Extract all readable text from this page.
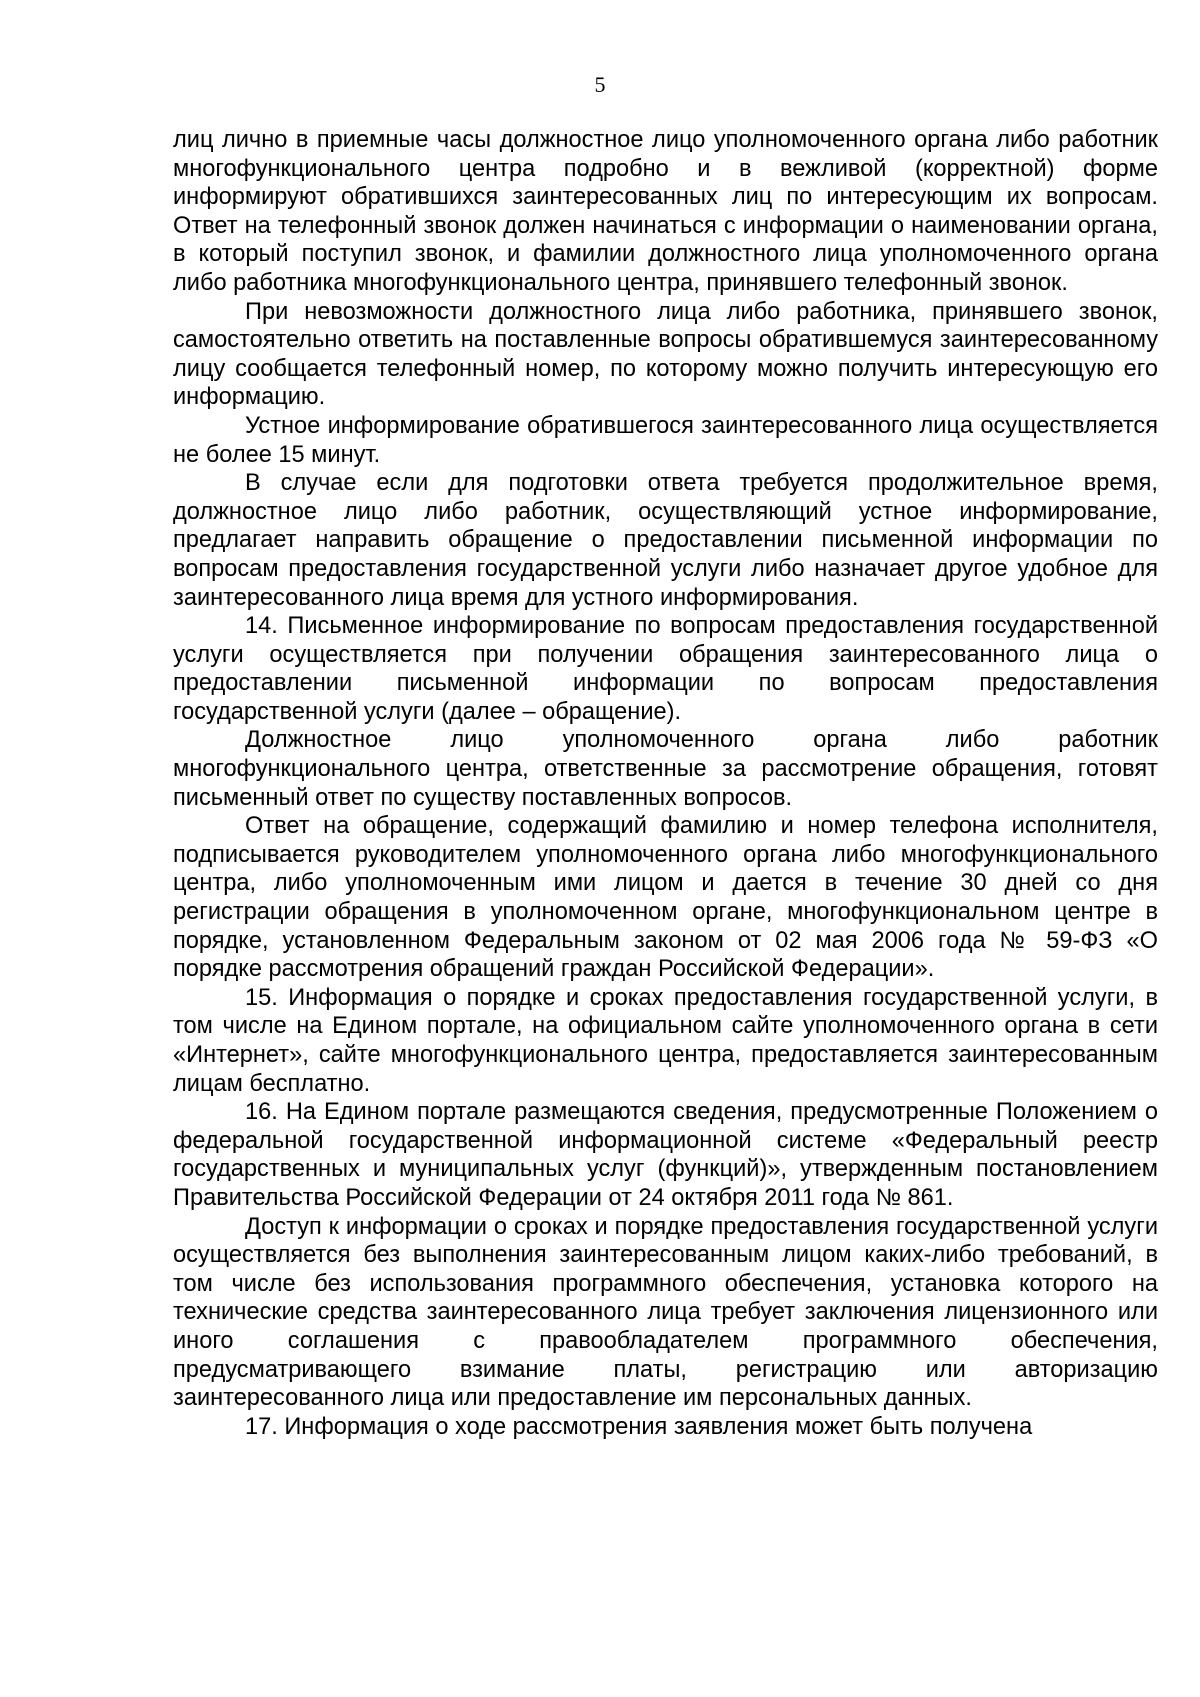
5

лиц лично в приемные часы должностное лицо уполномоченного органа либо работник многофункционального центра подробно и в вежливой (корректной) форме информируют обратившихся заинтересованных лиц по интересующим их вопросам. Ответ на телефонный звонок должен начинаться с информации о наименовании органа, в который поступил звонок, и фамилии должностного лица уполномоченного органа либо работника многофункционального центра, принявшего телефонный звонок.

При невозможности должностного лица либо работника, принявшего звонок, самостоятельно ответить на поставленные вопросы обратившемуся заинтересованному лицу сообщается телефонный номер, по которому можно получить интересующую его информацию.

Устное информирование обратившегося заинтересованного лица осуществляется не более 15 минут.

В случае если для подготовки ответа требуется продолжительное время, должностное лицо либо работник, осуществляющий устное информирование, предлагает направить обращение о предоставлении письменной информации по вопросам предоставления государственной услуги либо назначает другое удобное для заинтересованного лица время для устного информирования.

14. Письменное информирование по вопросам предоставления государственной услуги осуществляется при получении обращения заинтересованного лица о предоставлении письменной информации по вопросам предоставления государственной услуги (далее – обращение).

Должностное лицо уполномоченного органа либо работник многофункционального центра, ответственные за рассмотрение обращения, готовят письменный ответ по существу поставленных вопросов.

Ответ на обращение, содержащий фамилию и номер телефона исполнителя, подписывается руководителем уполномоченного органа либо многофункционального центра, либо уполномоченным ими лицом и дается в течение 30 дней со дня регистрации обращения в уполномоченном органе, многофункциональном центре в порядке, установленном Федеральным законом от 02 мая 2006 года № 59-ФЗ «О порядке рассмотрения обращений граждан Российской Федерации».

15. Информация о порядке и сроках предоставления государственной услуги, в том числе на Едином портале, на официальном сайте уполномоченного органа в сети «Интернет», сайте многофункционального центра, предоставляется заинтересованным лицам бесплатно.

16. На Едином портале размещаются сведения, предусмотренные Положением о федеральной государственной информационной системе «Федеральный реестр государственных и муниципальных услуг (функций)», утвержденным постановлением Правительства Российской Федерации от 24 октября 2011 года № 861.

Доступ к информации о сроках и порядке предоставления государственной услуги осуществляется без выполнения заинтересованным лицом каких-либо требований, в том числе без использования программного обеспечения, установка которого на технические средства заинтересованного лица требует заключения лицензионного или иного соглашения с правообладателем программного обеспечения, предусматривающего взимание платы, регистрацию или авторизацию заинтересованного лица или предоставление им персональных данных.

17. Информация о ходе рассмотрения заявления может быть получена
